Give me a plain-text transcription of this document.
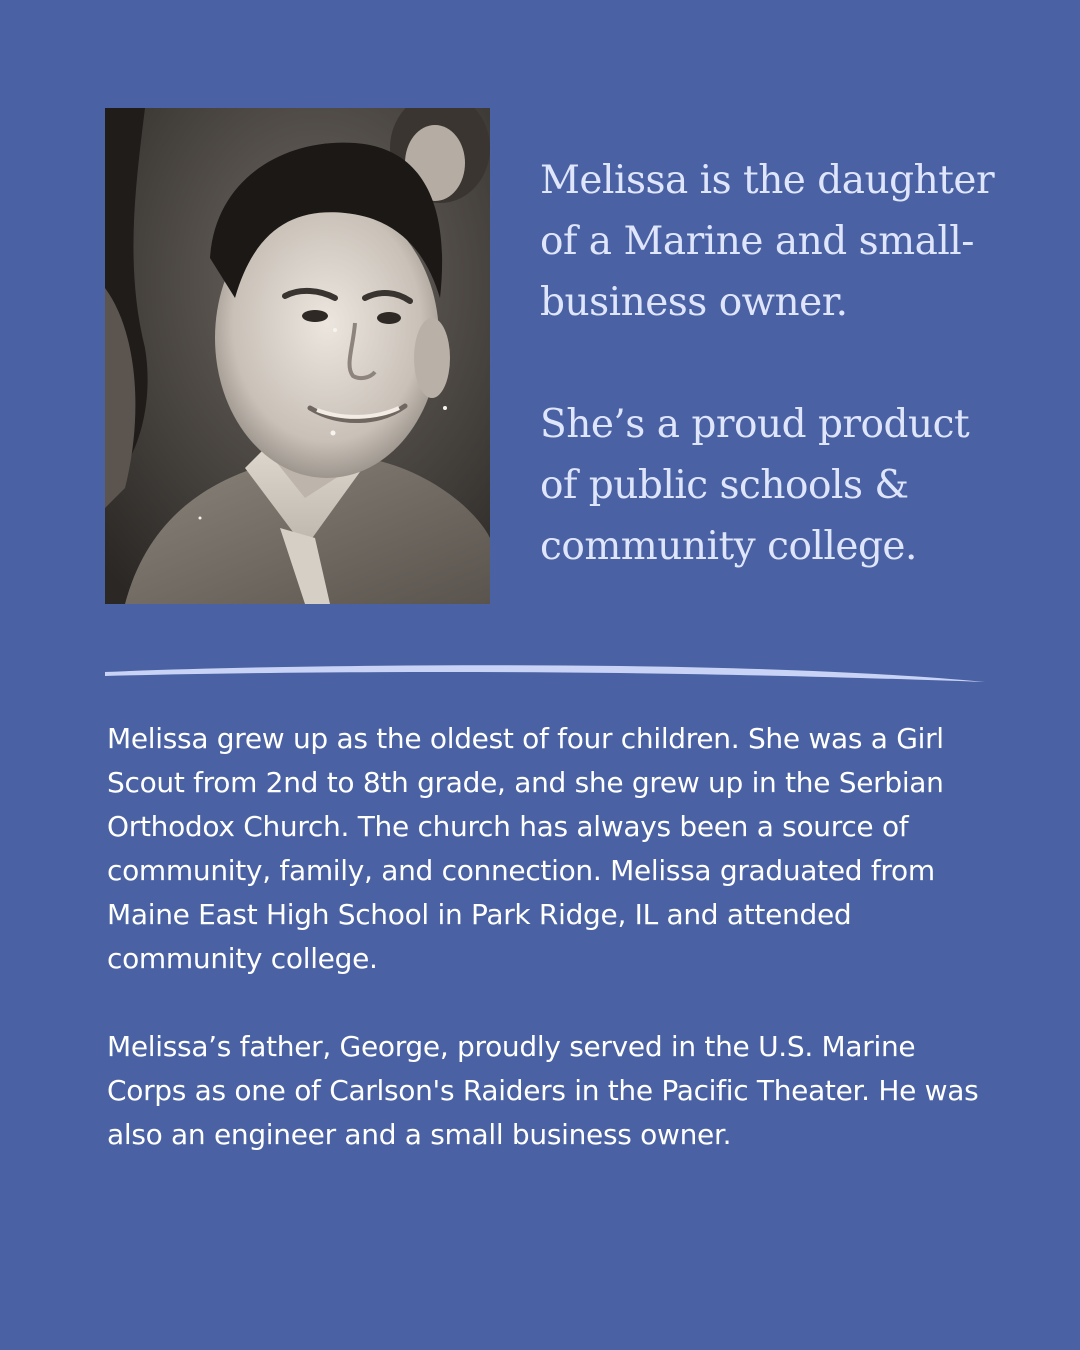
Melissa is the daughter of a Marine and small-business owner.

She’s a proud product of public schools & community college.

Melissa grew up as the oldest of four children. She was a Girl Scout from 2nd to 8th grade, and she grew up in the Serbian Orthodox Church. The church has always been a source of community, family, and connection. Melissa graduated from Maine East High School in Park Ridge, IL and attended community college.

Melissa’s father, George, proudly served in the U.S. Marine Corps as one of Carlson's Raiders in the Pacific Theater. He was also an engineer and a small business owner.
